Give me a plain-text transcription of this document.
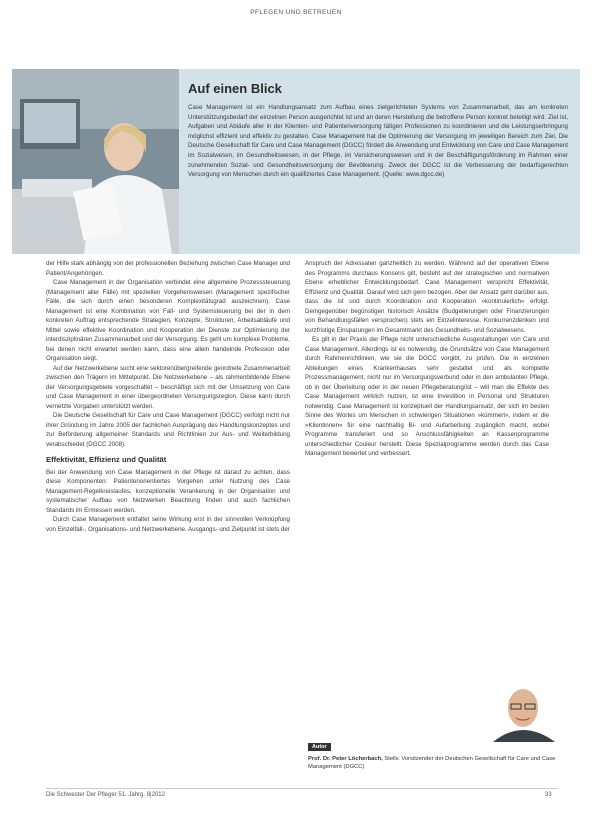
PFLEGEN UND BETREUEN
Auf einen Blick
Case Management ist ein Handlungsansatz zum Aufbau eines zielgerichteten Systems von Zusammenarbeit, das am konkreten Unterstützungsbedarf der einzelnen Person ausgerichtet ist und an deren Herstellung die betroffene Person konkret beteiligt wird. Ziel ist, Aufgaben und Abläufe aller in der Klienten- und Patientenversorgung tätigen Professionen zu koordinieren und die Leistungserbringung möglichst effizient und effektiv zu gestalten. Case Management hat die Optimierung der Versorgung im jeweiligen Bereich zum Ziel. Die Deutsche Gesellschaft für Care und Case Management (DGCC) fördert die Anwendung und Entwicklung von Care und Case Management im Sozialwesen, im Gesundheitswesen, in der Pflege, im Versicherungswesen und in der Beschäftigungsförderung im Rahmen einer zunehmenden Sozial- und Gesundheitsversorgung der Bevölkerung. Zweck der DGCC ist die Verbesserung der bedarfsgerechten Versorgung von Menschen durch ein qualifiziertes Case Management. (Quelle: www.dgcc.de)

der Hilfe stark abhängig von der professionellen Beziehung zwischen Case Manager und Patient/Angehörigen.

Case Management in der Organisation verbindet eine allgemeine Prozesssteuerung (Management aller Fälle) mit speziellen Vorgehensweisen (Management spezifischer Fälle, die sich durch einen besonderen Komplexitätsgrad auszeichnen). Case Management ist eine Kombination von Fall- und Systemsteuerung bei der in dem konkreten Auftrag entsprechende Strategien, Konzepte, Strukturen, Arbeitsabläufe und Mittel sowie effektive Koordination und Kooperation der Dienste zur Optimierung der interdisziplinären Zusammenarbeit und der Versorgung. Es geht um komplexe Probleme, bei denen nicht erwartet werden kann, dass eine allein handelnde Profession oder Organisation siegt.

Auf der Netzwerkebene sucht eine sektorenübergreifende geordnete Zusammenarbeit zwischen den Trägern im Mittelpunkt. Die Netzwerkebene – als rahmenbildende Ebene der Versorgungsgebiete vorgeschaltet – beschäftigt sich mit der Umsetzung von Care und Case Management in einer übergeordneten Versorgungsregion. Diese kann durch vernetzte Vorgaben unterstützt werden.

Die Deutsche Gesellschaft für Care und Case Management (DGCC) verfolgt nicht nur ihrer Gründung im Jahre 2005 der fachlichen Ausprägung des Handlungskonzeptes und zur Beförderung allgemeiner Standards und Richtlinien zur Aus- und Weiterbildung verabschiedet (DGCC 2008).

Effektivität, Effizienz und Qualität

Bei der Anwendung von Case Management in der Pflege ist darauf zu achten, dass diese Komponenten: Patientenorientiertes Vorgehen unter Nutzung des Case Management-Regelkreislaufes, konzeptionelle Verankerung in der Organisation und systematischer Aufbau von Netzwerken Beachtung finden und auch fachlichen Standards im Ermessen werden.

Durch Case Management entfaltet seine Wirkung erst in der sinnvollen Verknüpfung von Einzelfall-, Organisations- und Netzwerkebene. Ausgangs- und Zielpunkt ist stets der

Anspruch der Adressaten ganzheitlich zu werden. Während auf der operativen Ebene des Programms durchaus Konsens gilt, besteht auf der strategischen und normativen Ebene erheblicher Entwicklungsbedarf. Case Management verspricht Effektivität, Effizienz und Qualität. Darauf wird sich gern bezogen. Aber der Ansatz geht darüber aus, dass die ist und durch Koordination und Kooperation »kontinuierlich« erfolgt. Demgegenüber begünstigen historisch Ansätze (Budgetierungen oder Finanzierungen von Behandlungsfällen versprochen) stets ein Einzelinteresse. Konkurrenzdenken und kurzfristige Einsparungen im Gesamtmarkt des Gesundheits- und Sozialwesens.

Es gilt in der Praxis der Pflege nicht unterschiedliche Ausgestaltungen von Care und Case Management. Allerdings ist es notwendig, die Grundsätze von Case Management durch Rahmenrichtlinien, wie sie die DGCC vorgibt, zu prüfen. Die in einzelnen Abteilungen eines Krankenhauses sehr gestaltet und als komplette Prozessmanagement, nicht nur im Versorgungsverbund oder in den ambulanten Pflege, ob in der Überleitung oder in der neuen Pflegeberatung/ist – will man die Effekte des Case Management wirklich nutzen, ist eine Investition in Personal und Strukturen notwendig. Case Management ist konzeptuell der Handlungsansatz, der sich im besten Sinne des Wortes um Menschen in schwierigen Situationen »kümmert«, indem er die »Klientinnen« für eine nachhaltig Bi- und Aufarbeitung zugänglich macht, wobei Programme transferiert und so Anschlussfähigkeiten an Kassenprogramme unterschiedlicher Couleur herstellt. Diese Spezialprogramme werden durch das Case Management bewertet und verbessert.

Autor
Prof. Dr. Peter Löcherbach, Stellv. Vorsitzender der Deutschen Gesellschaft für Care und Case Management (DGCC)
Die Schwester Der Pfleger 51. Jahrg. 8|2012	33
